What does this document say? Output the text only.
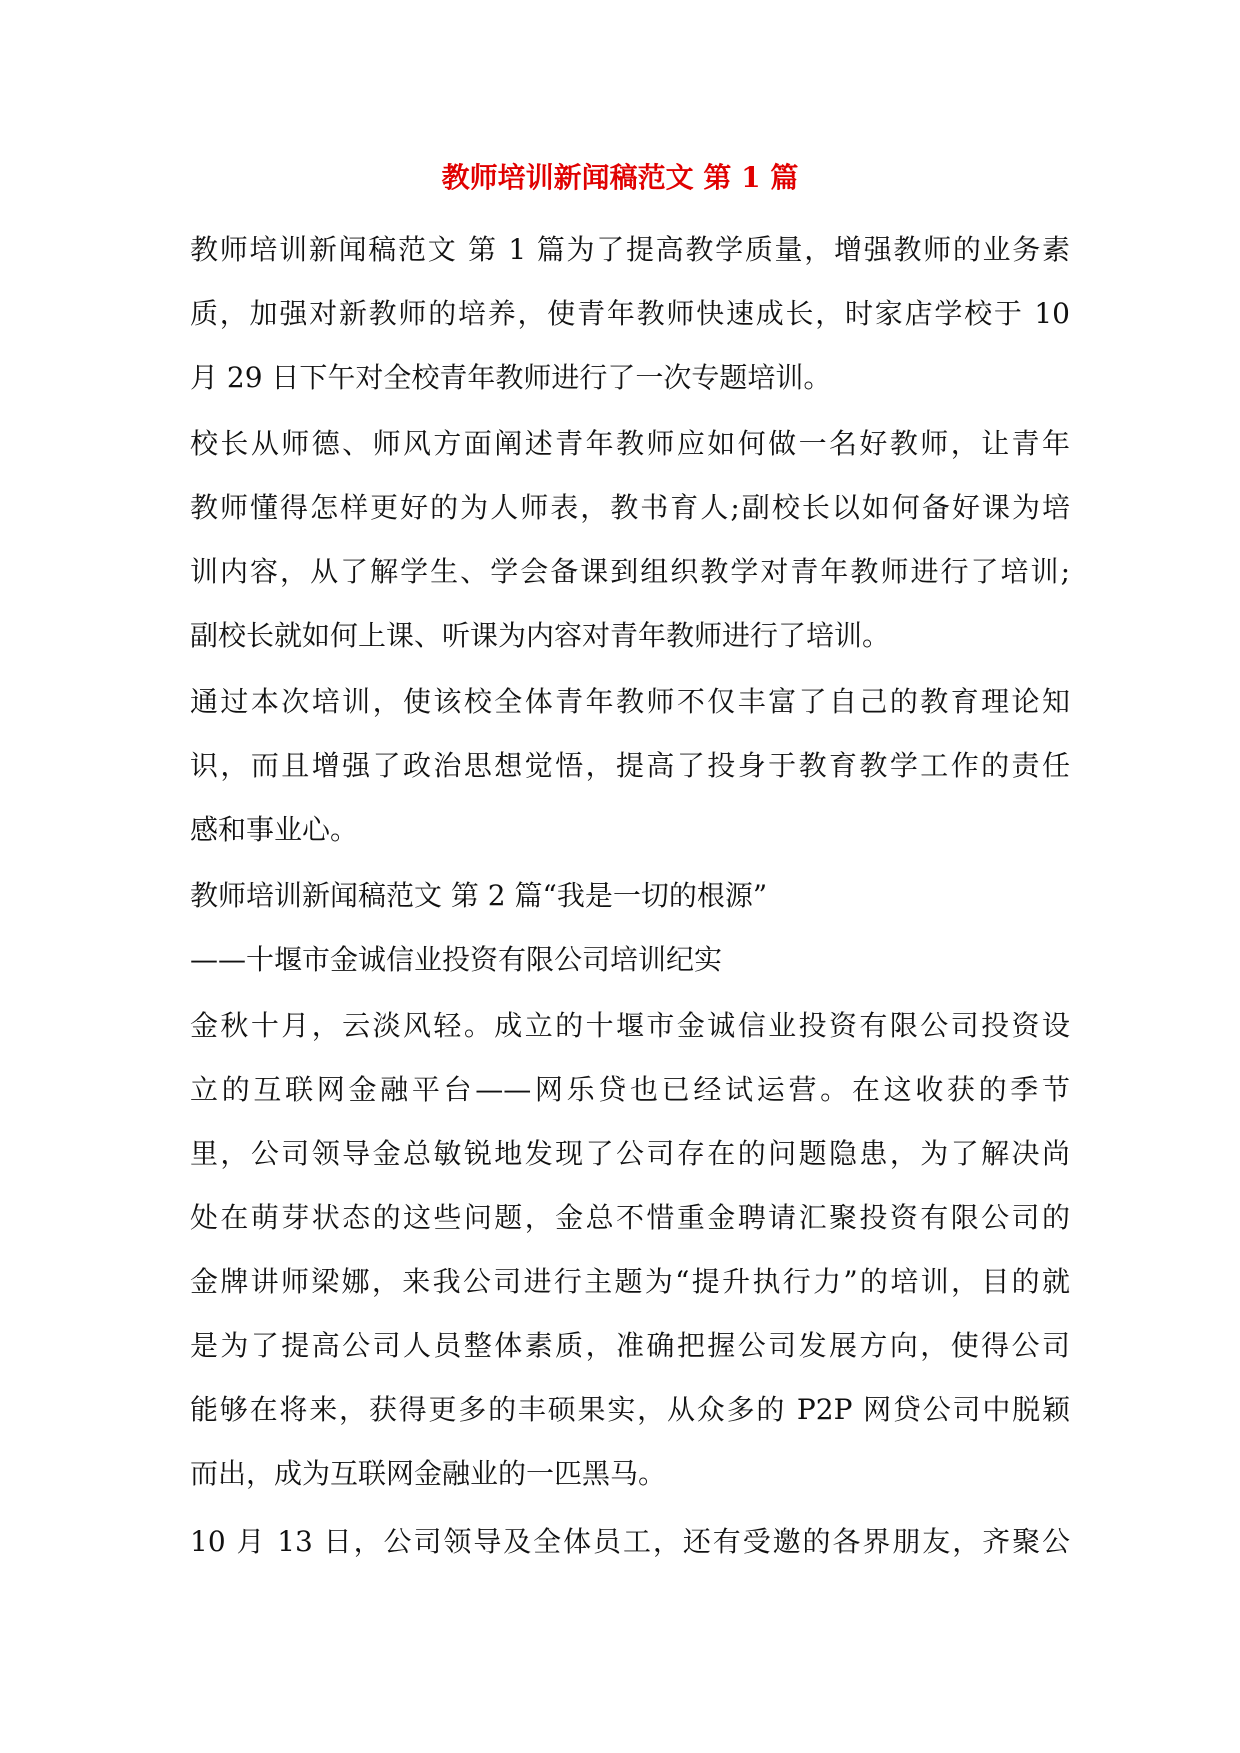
教师培训新闻稿范文 第 1 篇

教师培训新闻稿范文 第 1 篇为了提高教学质量，增强教师的业务素

质，加强对新教师的培养，使青年教师快速成长，时家店学校于 10

月 29 日下午对全校青年教师进行了一次专题培训。

校长从师德、师风方面阐述青年教师应如何做一名好教师，让青年

教师懂得怎样更好的为人师表，教书育人;副校长以如何备好课为培

训内容，从了解学生、学会备课到组织教学对青年教师进行了培训;

副校长就如何上课、听课为内容对青年教师进行了培训。

通过本次培训，使该校全体青年教师不仅丰富了自己的教育理论知

识，而且增强了政治思想觉悟，提高了投身于教育教学工作的责任

感和事业心。

教师培训新闻稿范文 第 2 篇“我是一切的根源”

——十堰市金诚信业投资有限公司培训纪实

金秋十月，云淡风轻。成立的十堰市金诚信业投资有限公司投资设

立的互联网金融平台——网乐贷也已经试运营。在这收获的季节

里，公司领导金总敏锐地发现了公司存在的问题隐患，为了解决尚

处在萌芽状态的这些问题，金总不惜重金聘请汇聚投资有限公司的

金牌讲师梁娜，来我公司进行主题为“提升执行力”的培训，目的就

是为了提高公司人员整体素质，准确把握公司发展方向，使得公司

能够在将来，获得更多的丰硕果实，从众多的 P2P 网贷公司中脱颖

而出，成为互联网金融业的一匹黑马。

10 月 13 日，公司领导及全体员工，还有受邀的各界朋友，齐聚公
